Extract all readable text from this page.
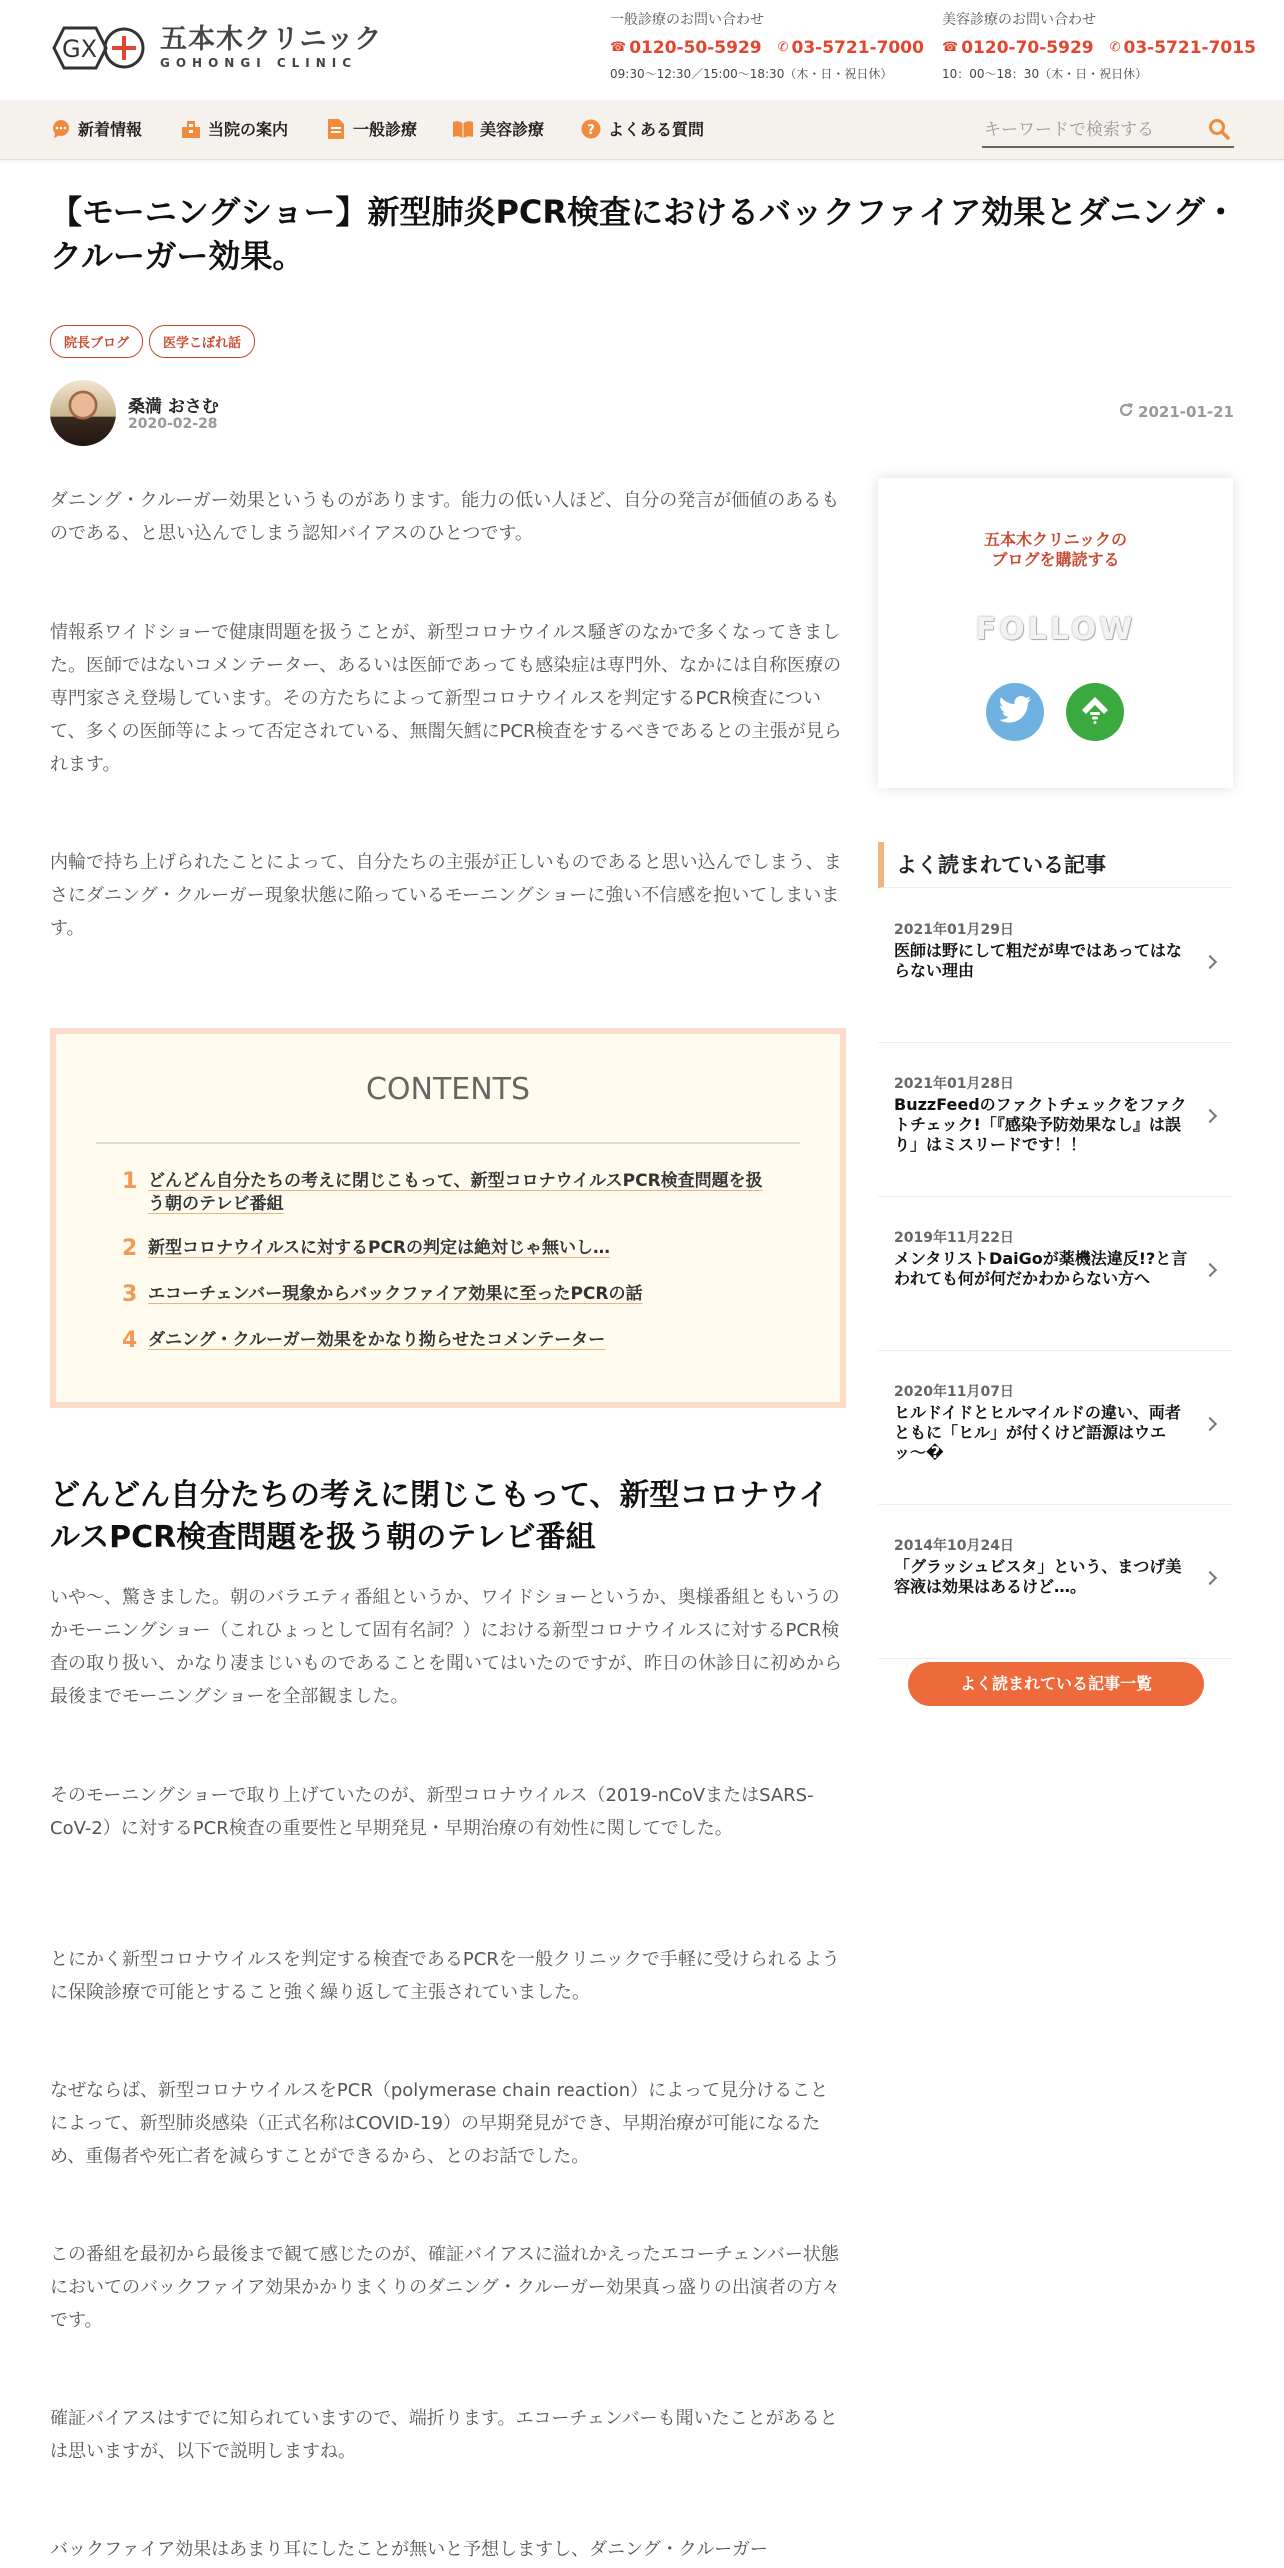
GX 五本木クリニック
GOHONGI CLINIC
一般診療のお問い合わせ
☎ 0120-50-5929 ✆ 03-5721-7000
09:30〜12:30／15:00〜18:30（木・日・祝日休）
美容診療のお問い合わせ
☎ 0120-70-5929 ✆ 03-5721-7015
10：00〜18：30（木・日・祝日休）
新着情報	当院の案内	一般診療	美容診療	? よくある質問
キーワードで検索する
【モーニングショー】新型肺炎PCR検査におけるバックファイア効果とダニング・クルーガー効果。
院長ブログ	医学こぼれ話
桑満 おさむ
2020-02-28
2021-01-21

ダニング・クルーガー効果というものがあります。能力の低い人ほど、自分の発言が価値のあるものである、と思い込んでしまう認知バイアスのひとつです。

情報系ワイドショーで健康問題を扱うことが、新型コロナウイルス騒ぎのなかで多くなってきました。医師ではないコメンテーター、あるいは医師であっても感染症は専門外、なかには自称医療の専門家さえ登場しています。その方たちによって新型コロナウイルスを判定するPCR検査について、多くの医師等によって否定されている、無闇矢鱈にPCR検査をするべきであるとの主張が見られます。

内輪で持ち上げられたことによって、自分たちの主張が正しいものであると思い込んでしまう、まさにダニング・クルーガー現象状態に陥っているモーニングショーに強い不信感を抱いてしまいます。

CONTENTS
1 どんどん自分たちの考えに閉じこもって、新型コロナウイルスPCR検査問題を扱う朝のテレビ番組
2 新型コロナウイルスに対するPCRの判定は絶対じゃ無いし…
3 エコーチェンバー現象からバックファイア効果に至ったPCRの話
4 ダニング・クルーガー効果をかなり拗らせたコメンテーター
どんどん自分たちの考えに閉じこもって、新型コロナウイルスPCR検査問題を扱う朝のテレビ番組

いや〜、驚きました。朝のバラエティ番組というか、ワイドショーというか、奥様番組ともいうのかモーニングショー（これひょっとして固有名詞？）における新型コロナウイルスに対するPCR検査の取り扱い、かなり凄まじいものであることを聞いてはいたのですが、昨日の休診日に初めから最後までモーニングショーを全部観ました。

そのモーニングショーで取り上げていたのが、新型コロナウイルス（2019-nCoVまたはSARS-CoV-2）に対するPCR検査の重要性と早期発見・早期治療の有効性に関してでした。

とにかく新型コロナウイルスを判定する検査であるPCRを一般クリニックで手軽に受けられるように保険診療で可能とすること強く繰り返して主張されていました。

なぜならば、新型コロナウイルスをPCR（polymerase chain reaction）によって見分けることによって、新型肺炎感染（正式名称はCOVID-19）の早期発見ができ、早期治療が可能になるため、重傷者や死亡者を減らすことができるから、とのお話でした。

この番組を最初から最後まで観て感じたのが、確証バイアスに溢れかえったエコーチェンバー状態においてのバックファイア効果かかりまくりのダニング・クルーガー効果真っ盛りの出演者の方々です。

確証バイアスはすでに知られていますので、端折ります。エコーチェンバーも聞いたことがあるとは思いますが、以下で説明しますね。

バックファイア効果はあまり耳にしたことが無いと予想しますし、ダニング・クルーガー

五本木クリニックの
ブログを購読する
FOLLOW
よく読まれている記事
2021年01月29日
医師は野にして粗だが卑ではあってはならない理由
2021年01月28日
BuzzFeedのファクトチェックをファクトチェック!「『感染予防効果なし』は誤り」はミスリードです！！
2019年11月22日
メンタリストDaiGoが薬機法違反!?と言われても何が何だかわからない方へ
2020年11月07日
ヒルドイドとヒルマイルドの違い、両者ともに「ヒル」が付くけど語源はウエッ〜�
2014年10月24日
「グラッシュビスタ」という、まつげ美容液は効果はあるけど…。
よく読まれている記事一覧
